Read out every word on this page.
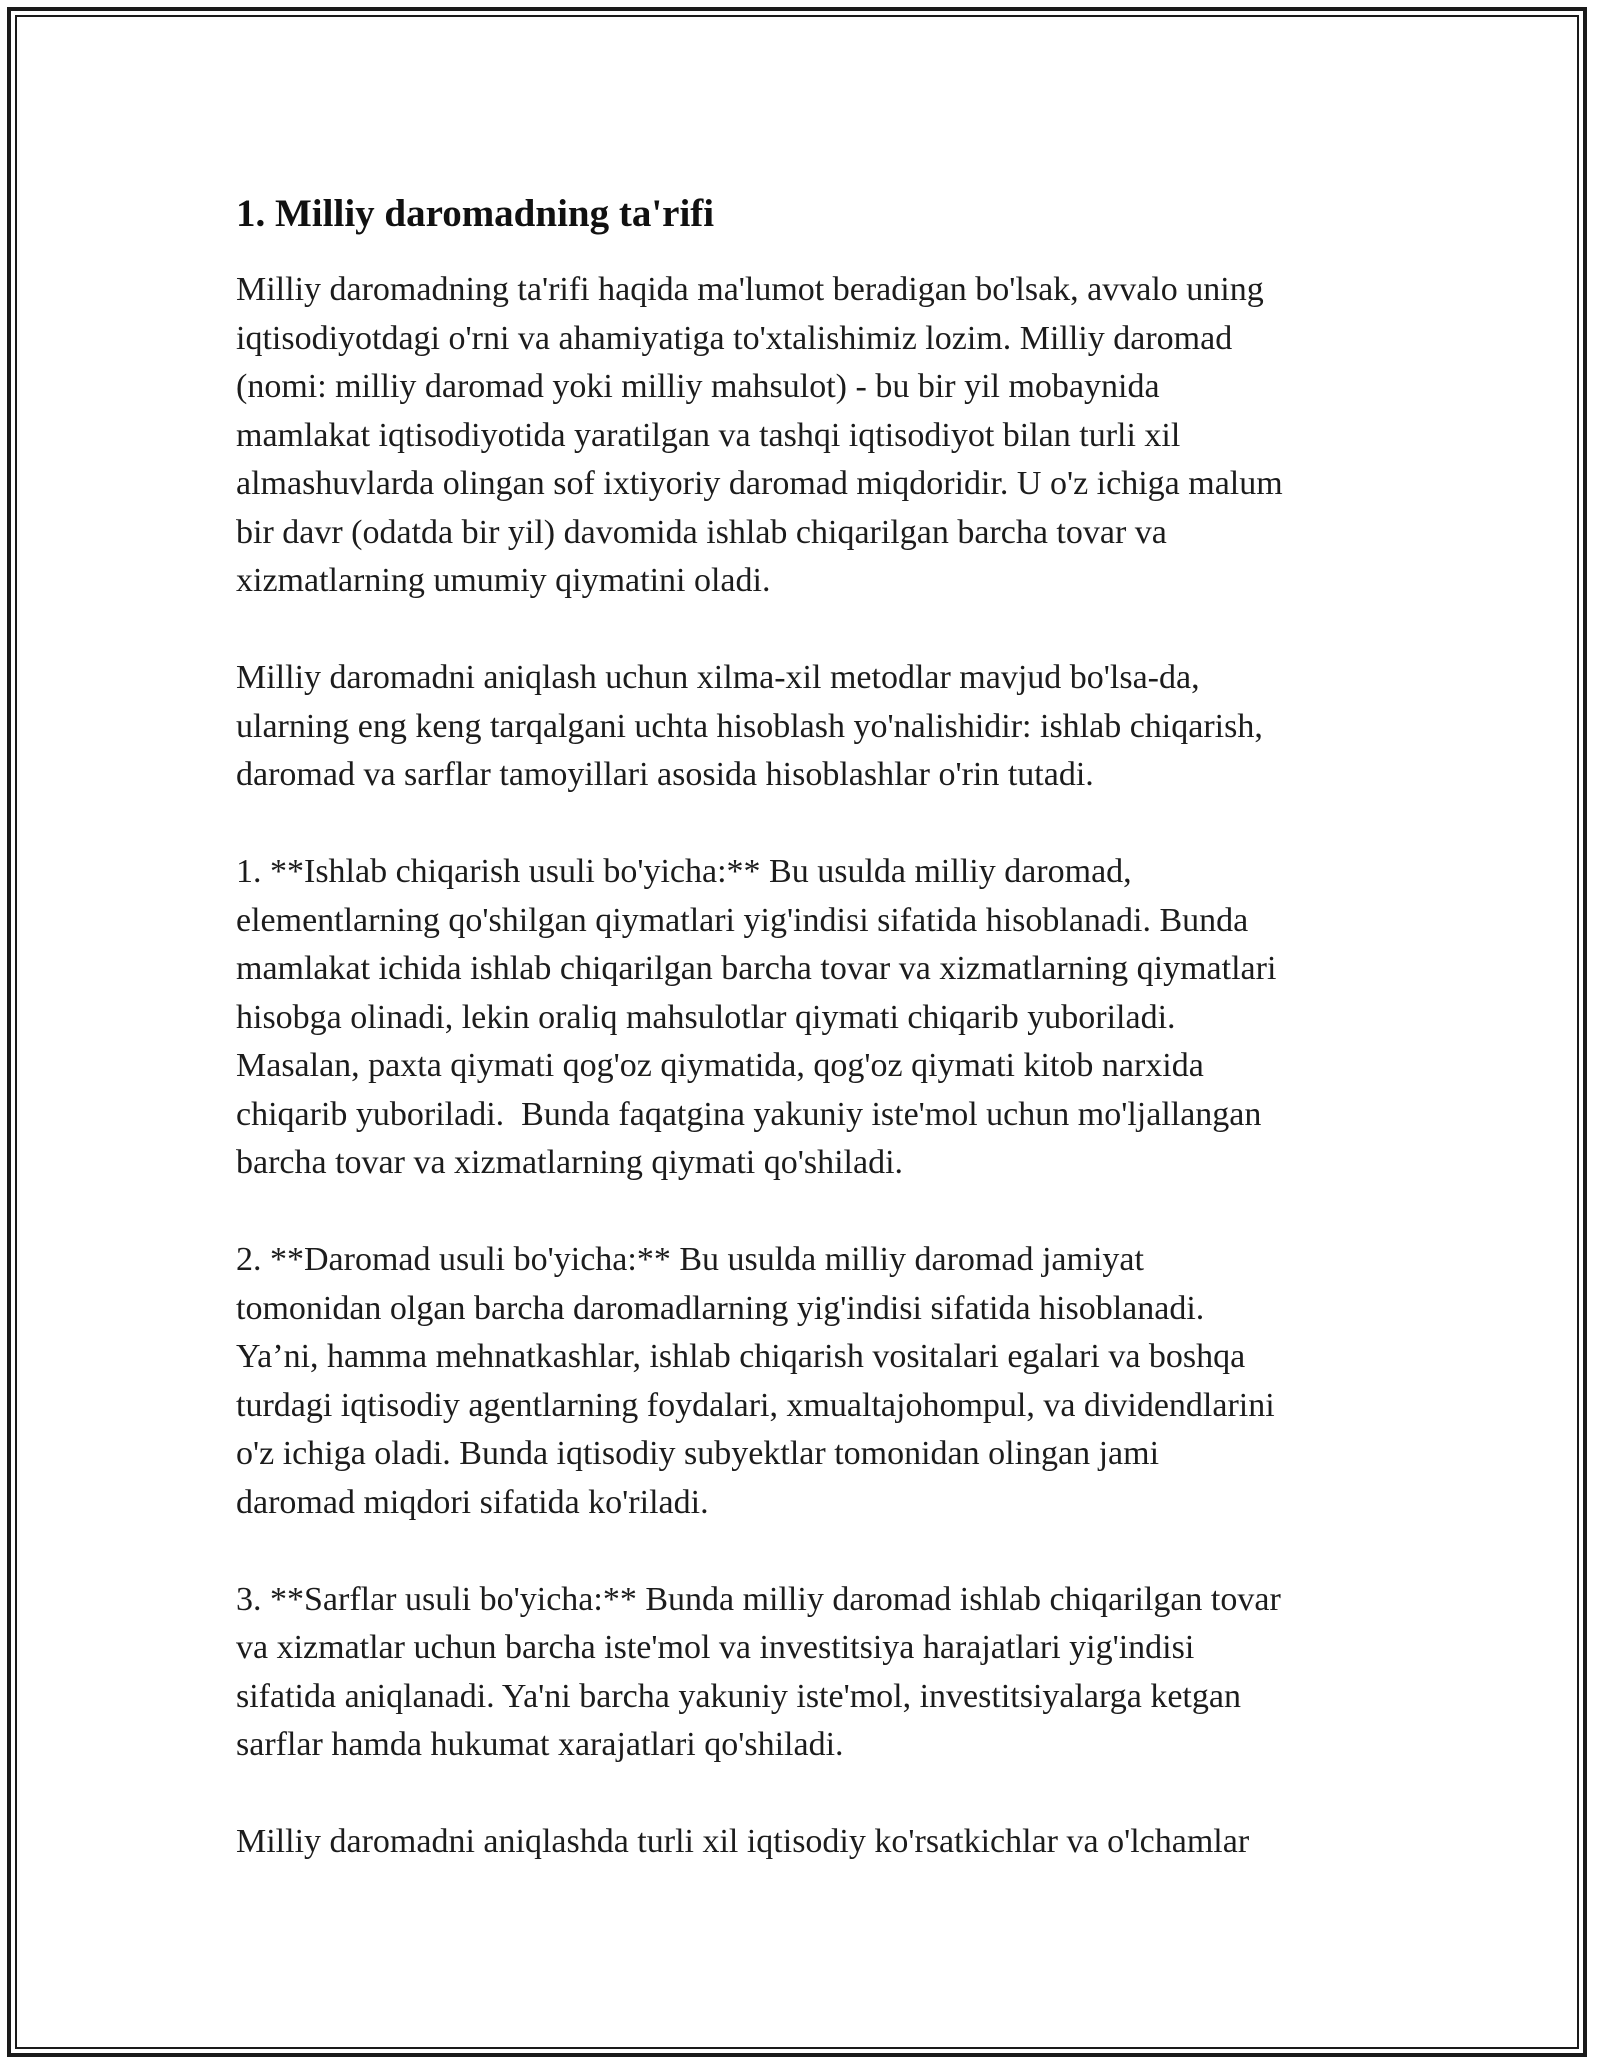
1. Milliy daromadning ta'rifi

Milliy daromadning ta'rifi haqida ma'lumot beradigan bo'lsak, avvalo uning
iqtisodiyotdagi o'rni va ahamiyatiga to'xtalishimiz lozim. Milliy daromad
(nomi: milliy daromad yoki milliy mahsulot) - bu bir yil mobaynida
mamlakat iqtisodiyotida yaratilgan va tashqi iqtisodiyot bilan turli xil
almashuvlarda olingan sof ixtiyoriy daromad miqdoridir. U o'z ichiga malum
bir davr (odatda bir yil) davomida ishlab chiqarilgan barcha tovar va
xizmatlarning umumiy qiymatini oladi.

Milliy daromadni aniqlash uchun xilma-xil metodlar mavjud bo'lsa-da,
ularning eng keng tarqalgani uchta hisoblash yo'nalishidir: ishlab chiqarish,
daromad va sarflar tamoyillari asosida hisoblashlar o'rin tutadi.

1. **Ishlab chiqarish usuli bo'yicha:** Bu usulda milliy daromad,
elementlarning qo'shilgan qiymatlari yig'indisi sifatida hisoblanadi. Bunda
mamlakat ichida ishlab chiqarilgan barcha tovar va xizmatlarning qiymatlari
hisobga olinadi, lekin oraliq mahsulotlar qiymati chiqarib yuboriladi.
Masalan, paxta qiymati qog'oz qiymatida, qog'oz qiymati kitob narxida
chiqarib yuboriladi.  Bunda faqatgina yakuniy iste'mol uchun mo'ljallangan
barcha tovar va xizmatlarning qiymati qo'shiladi.

2. **Daromad usuli bo'yicha:** Bu usulda milliy daromad jamiyat
tomonidan olgan barcha daromadlarning yig'indisi sifatida hisoblanadi.
Ya’ni, hamma mehnatkashlar, ishlab chiqarish vositalari egalari va boshqa
turdagi iqtisodiy agentlarning foydalari, xmualtajohompul, va dividendlarini
o'z ichiga oladi. Bunda iqtisodiy subyektlar tomonidan olingan jami
daromad miqdori sifatida ko'riladi.

3. **Sarflar usuli bo'yicha:** Bunda milliy daromad ishlab chiqarilgan tovar
va xizmatlar uchun barcha iste'mol va investitsiya harajatlari yig'indisi
sifatida aniqlanadi. Ya'ni barcha yakuniy iste'mol, investitsiyalarga ketgan
sarflar hamda hukumat xarajatlari qo'shiladi.

Milliy daromadni aniqlashda turli xil iqtisodiy ko'rsatkichlar va o'lchamlar
